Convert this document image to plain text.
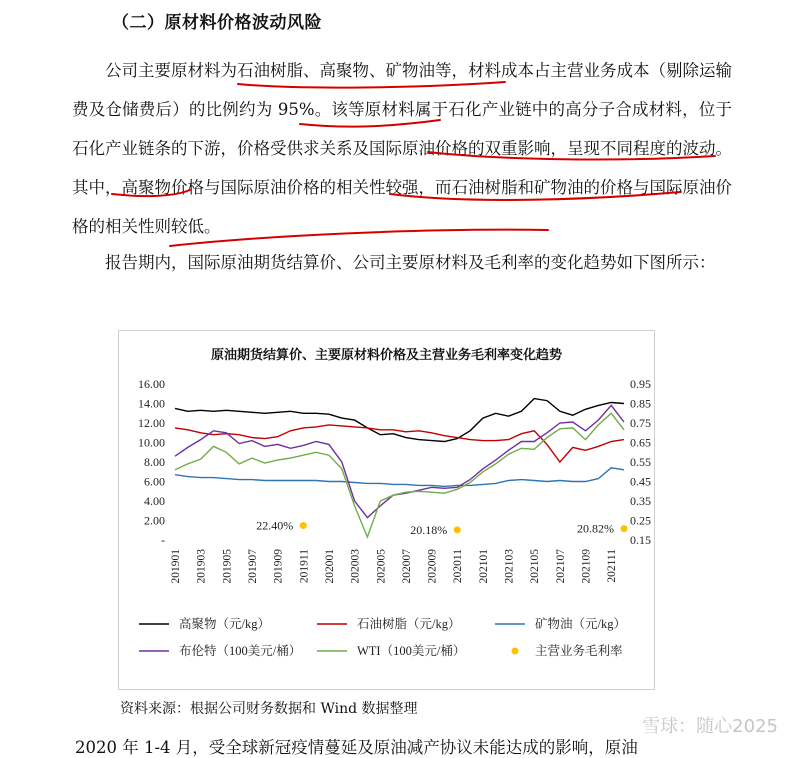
（二）原材料价格波动风险
公司主要原材料为石油树脂、高聚物、矿物油等，材料成本占主营业务成本（剔除运输费及仓储费后）的比例约为 95%。该等原材料属于石化产业链中的高分子合成材料，位于石化产业链条的下游，价格受供求关系及国际原油价格的双重影响，呈现不同程度的波动。其中，高聚物价格与国际原油价格的相关性较强，而石油树脂和矿物油的价格与国际原油价格的相关性则较低。
报告期内，国际原油期货结算价、公司主要原材料及毛利率的变化趋势如下图所示：
原油期货结算价、主要原材料价格及主营业务毛利率变化趋势
16.00
14.00
12.00
10.00
8.00
6.00
4.00
2.00
-
0.95
0.85
0.75
0.65
0.55
0.45
0.35
0.25
0.15
201901 201903 201905 201907 201909 201911 202001 202003 202005 202007 202009 202011 202101 202103 202105 202107 202109 202111
22.40%	20.18%	20.82%
高聚物（元/kg）	石油树脂（元/kg）	矿物油（元/kg）
布伦特（100美元/桶）	WTI（100美元/桶）	主营业务毛利率
资料来源：根据公司财务数据和 Wind 数据整理
2020 年 1-4 月，受全球新冠疫情蔓延及原油减产协议未能达成的影响，原油
雪球：随心2025
